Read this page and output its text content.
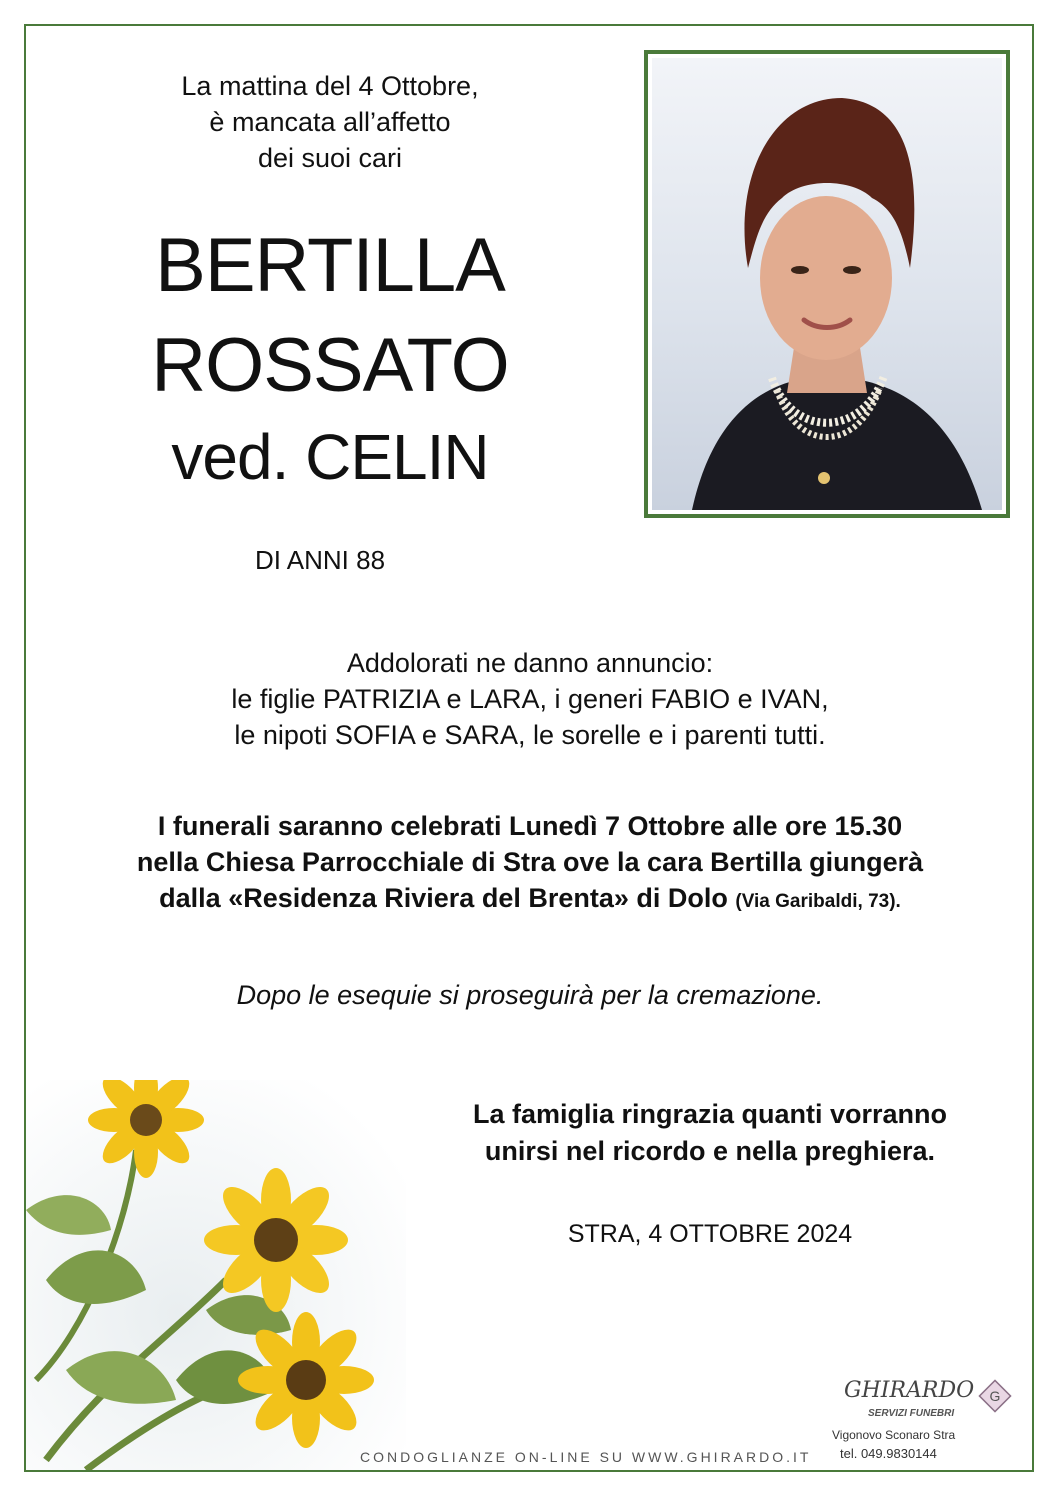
La mattina del 4 Ottobre,
è mancata all’affetto
dei suoi cari
BERTILLA
ROSSATO
ved. CELIN
DI ANNI 88
Addolorati ne danno annuncio:
le figlie PATRIZIA e LARA, i generi FABIO e IVAN,
le nipoti SOFIA e SARA, le sorelle e i parenti tutti.
I funerali saranno celebrati Lunedì 7 Ottobre alle ore 15.30
nella Chiesa Parrocchiale di Stra ove la cara Bertilla giungerà
dalla «Residenza Riviera del Brenta» di Dolo (Via Garibaldi, 73).
Dopo le esequie si proseguirà per la cremazione.
La famiglia ringrazia quanti vorranno
unirsi nel ricordo e nella preghiera.
STRA, 4 OTTOBRE 2024
CONDOGLIANZE ON-LINE SU WWW.GHIRARDO.IT
GHIRARDO
SERVIZI FUNEBRI
G
Vigonovo Sconaro Stra
tel. 049.9830144
